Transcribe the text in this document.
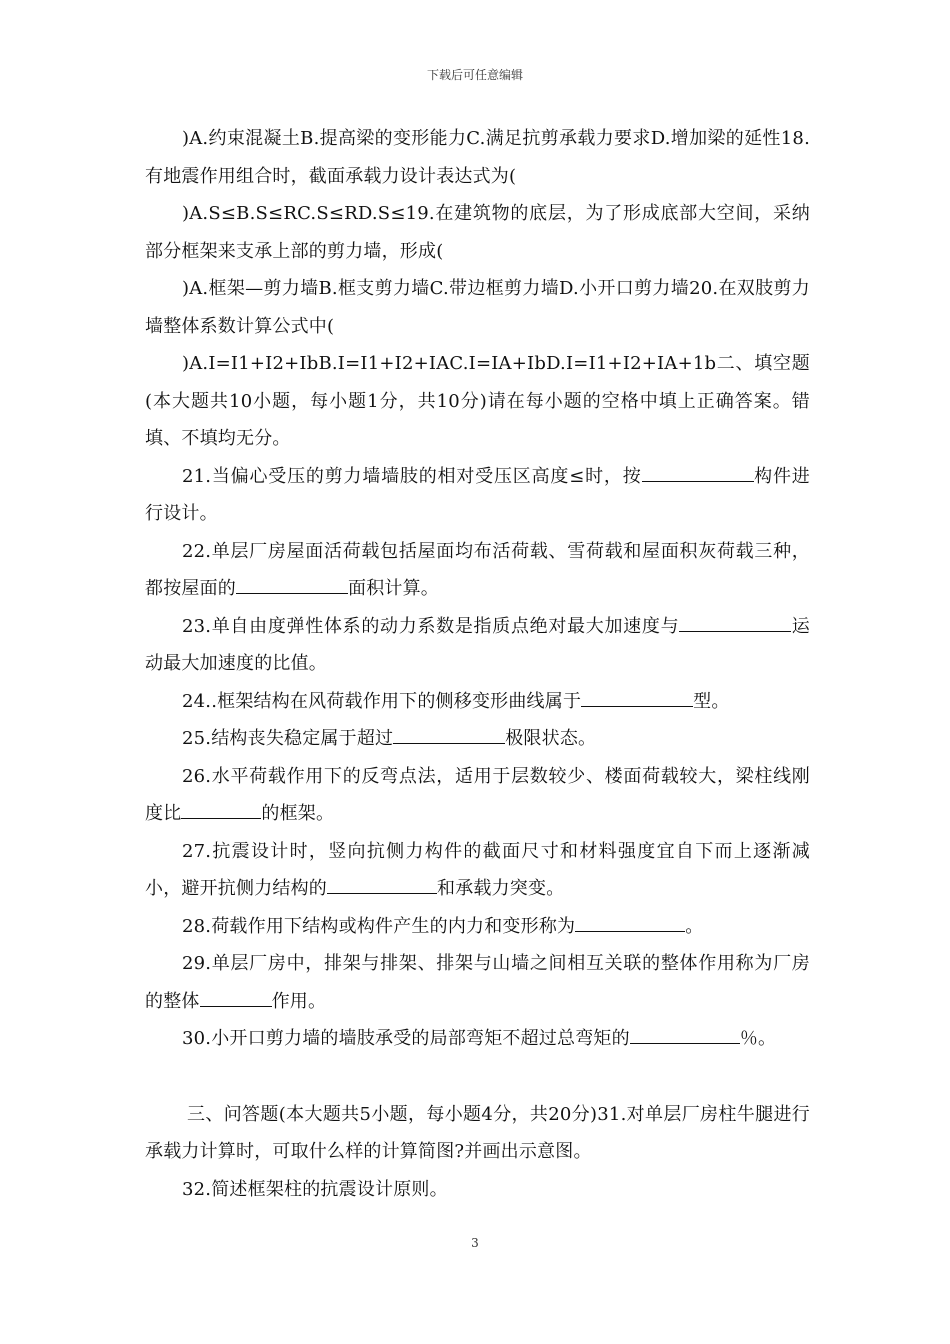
下载后可任意编辑

)A.约束混凝土B.提高梁的变形能力C.满足抗剪承载力要求D.增加梁的延性18.有地震作用组合时，截面承载力设计表达式为(

)A.S≤B.S≤RC.S≤RD.S≤19.在建筑物的底层，为了形成底部大空间，采纳部分框架来支承上部的剪力墙，形成(

)A.框架—剪力墙B.框支剪力墙C.带边框剪力墙D.小开口剪力墙20.在双肢剪力墙整体系数计算公式中(

)A.I=I1+I2+IbB.I=I1+I2+IAC.I=IA+IbD.I=I1+I2+IA+1b二、填空题(本大题共10小题，每小题1分，共10分)请在每小题的空格中填上正确答案。错填、不填均无分。

21.当偏心受压的剪力墙墙肢的相对受压区高度≤时，按	构件进行设计。

22.单层厂房屋面活荷载包括屋面均布活荷载、雪荷载和屋面积灰荷载三种，都按屋面的	面积计算。

23.单自由度弹性体系的动力系数是指质点绝对最大加速度与	运动最大加速度的比值。

24..框架结构在风荷载作用下的侧移变形曲线属于	型。

25.结构丧失稳定属于超过	极限状态。

26.水平荷载作用下的反弯点法，适用于层数较少、楼面荷载较大，梁柱线刚度比	的框架。

27.抗震设计时，竖向抗侧力构件的截面尺寸和材料强度宜自下而上逐渐减小，避开抗侧力结构的	和承载力突变。

28.荷载作用下结构或构件产生的内力和变形称为	。

29.单层厂房中，排架与排架、排架与山墙之间相互关联的整体作用称为厂房的整体	作用。

30.小开口剪力墙的墙肢承受的局部弯矩不超过总弯矩的	％。

三、问答题(本大题共5小题，每小题4分，共20分)31.对单层厂房柱牛腿进行承载力计算时，可取什么样的计算简图?并画出示意图。

32.简述框架柱的抗震设计原则。

3
